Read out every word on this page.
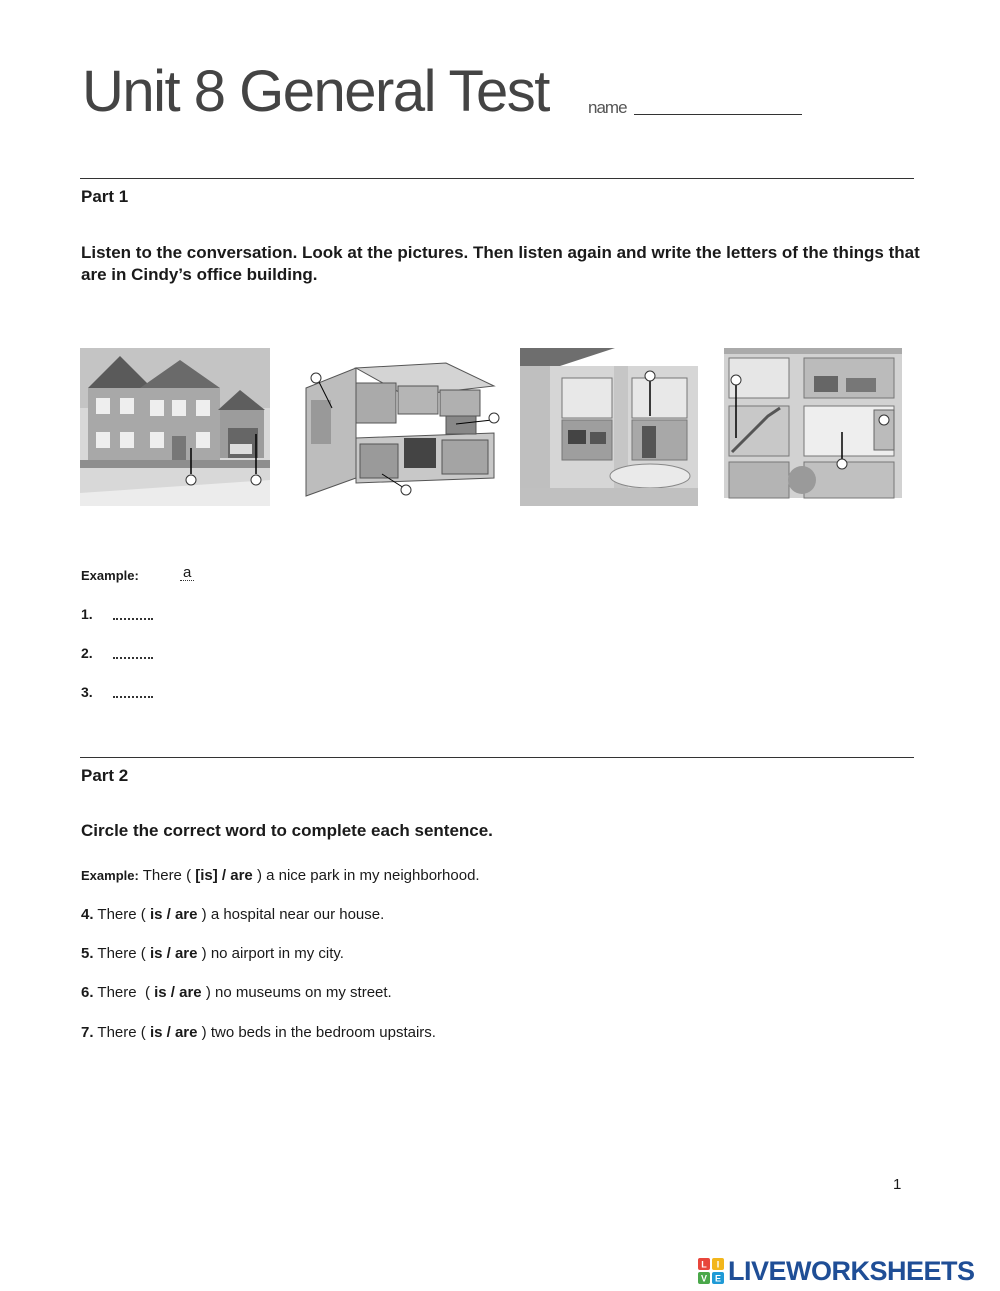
Unit 8 General Test name
Part 1
Listen to the conversation. Look at the pictures. Then listen again and write the letters of the things that are in Cindy’s office building.
Example:	a
1.
2.
3.
Part 2
Circle the correct word to complete each sentence.
Example: There ( [is] / are ) a nice park in my neighborhood.
4. There ( is / are ) a hospital near our house.
5. There ( is / are ) no airport in my city.
6. There  ( is / are ) no museums on my street.
7. There ( is / are ) two beds in the bedroom upstairs.
1
L I
V E LIVEWORKSHEETS
